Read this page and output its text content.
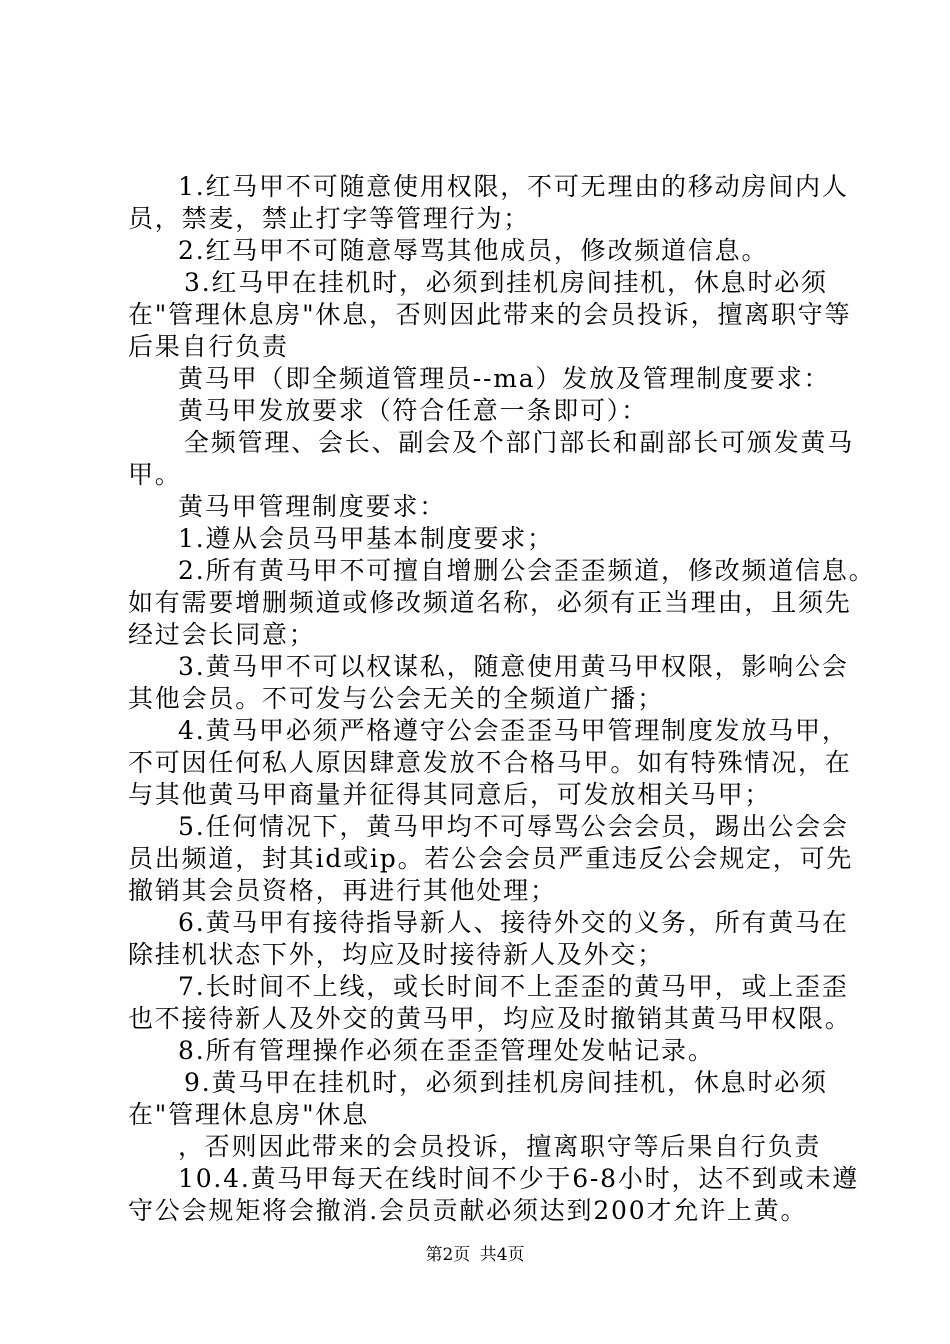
1.红马甲不可随意使用权限，不可无理由的移动房间内人
员，禁麦，禁止打字等管理行为；
2.红马甲不可随意辱骂其他成员，修改频道信息。
3.红马甲在挂机时，必须到挂机房间挂机，休息时必须
在"管理休息房"休息，否则因此带来的会员投诉，擅离职守等
后果自行负责
黄马甲（即全频道管理员--ma）发放及管理制度要求：
黄马甲发放要求（符合任意一条即可）：
全频管理、会长、副会及个部门部长和副部长可颁发黄马
甲。
黄马甲管理制度要求：
1.遵从会员马甲基本制度要求；
2.所有黄马甲不可擅自增删公会歪歪频道，修改频道信息。
如有需要增删频道或修改频道名称，必须有正当理由，且须先
经过会长同意；
3.黄马甲不可以权谋私，随意使用黄马甲权限，影响公会
其他会员。不可发与公会无关的全频道广播；
4.黄马甲必须严格遵守公会歪歪马甲管理制度发放马甲，
不可因任何私人原因肆意发放不合格马甲。如有特殊情况，在
与其他黄马甲商量并征得其同意后，可发放相关马甲；
5.任何情况下，黄马甲均不可辱骂公会会员，踢出公会会
员出频道，封其id或ip。若公会会员严重违反公会规定，可先
撤销其会员资格，再进行其他处理；
6.黄马甲有接待指导新人、接待外交的义务，所有黄马在
除挂机状态下外，均应及时接待新人及外交；
7.长时间不上线，或长时间不上歪歪的黄马甲，或上歪歪
也不接待新人及外交的黄马甲，均应及时撤销其黄马甲权限。
8.所有管理操作必须在歪歪管理处发帖记录。
9.黄马甲在挂机时，必须到挂机房间挂机，休息时必须
在"管理休息房"休息
，否则因此带来的会员投诉，擅离职守等后果自行负责
10.4.黄马甲每天在线时间不少于6-8小时，达不到或未遵
守公会规矩将会撤消.会员贡献必须达到200才允许上黄。
第2页 共4页
